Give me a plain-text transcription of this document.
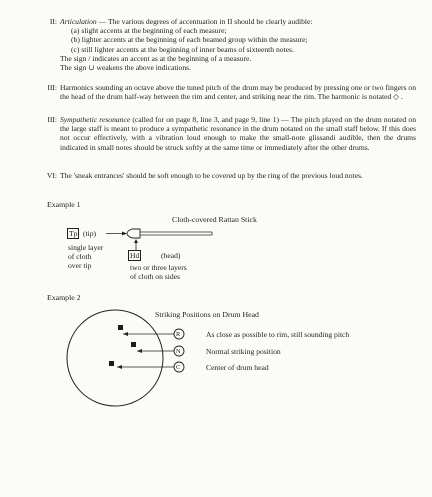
II: Articulation — The various degrees of accentuation in II should be clearly audible:
(a) slight accents at the beginning of each measure;
(b) lighter accents at the beginning of each beamed group within the measure;
(c) still lighter accents at the beginning of inner beams of sixteenth notes.
The sign / indicates an accent as at the beginning of a measure.
The sign ∪ weakens the above indications.
III: Harmonics sounding an octave above the tuned pitch of the drum may be produced by pressing one or two fingers on the head of the drum half-way between the rim and center, and striking near the rim. The harmonic is notated ◇ .
III: Sympathetic resonance (called for on page 8, line 3, and page 9, line 1) — The pitch played on the drum notated on the large staff is meant to produce a sympathetic resonance in the drum notated on the small staff below. If this does not occur effectively, with a vibration loud enough to make the small-note glissandi audible, then the drums indicated in small notes should be struck softly at the same time or immediately after the other drums.
VI: The 'sneak entrances' should be soft enough to be covered up by the ring of the previous loud notes.
Example 1
Cloth-covered Rattan Stick
Tp (tip)
Hd	(head)
single layer
of cloth
over tip	two or three layers
of cloth on sides
Example 2
Striking Positions on Drum Head
R
N
C
As close as possible to rim, still sounding pitch
Normal striking position
Center of drum head
